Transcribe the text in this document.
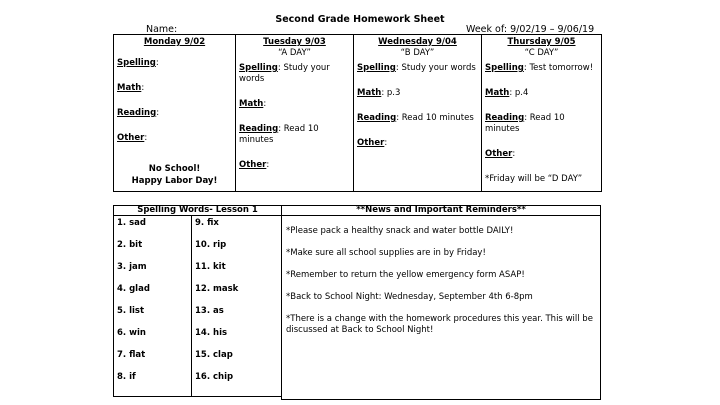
Second Grade Homework Sheet
Name:	Week of: 9/02/19 – 9/06/19
Monday 9/02
Spelling:
Math:
Reading:
Other:
No School!
Happy Labor Day!

Tuesday 9/03
“A DAY”
Spelling: Study your words
Math:
Reading: Read 10 minutes
Other:

Wednesday 9/04
“B DAY”
Spelling: Study your words
Math: p.3
Reading: Read 10 minutes
Other:

Thursday 9/05
“C DAY”
Spelling: Test tomorrow!
Math: p.4
Reading: Read 10 minutes
Other:
*Friday will be “D DAY”
Spelling Words- Lesson 1

1. sad
2. bit
3. jam
4. glad
5. list
6. win
7. flat
8. if

9. fix
10. rip
11. kit
12. mask
13. as
14. his
15. clap
16. chip
**News and Important Reminders**

*Please pack a healthy snack and water bottle DAILY!
*Make sure all school supplies are in by Friday!
*Remember to return the yellow emergency form ASAP!
*Back to School Night: Wednesday, September 4th 6-8pm
*There is a change with the homework procedures this year. This will be discussed at Back to School Night!
